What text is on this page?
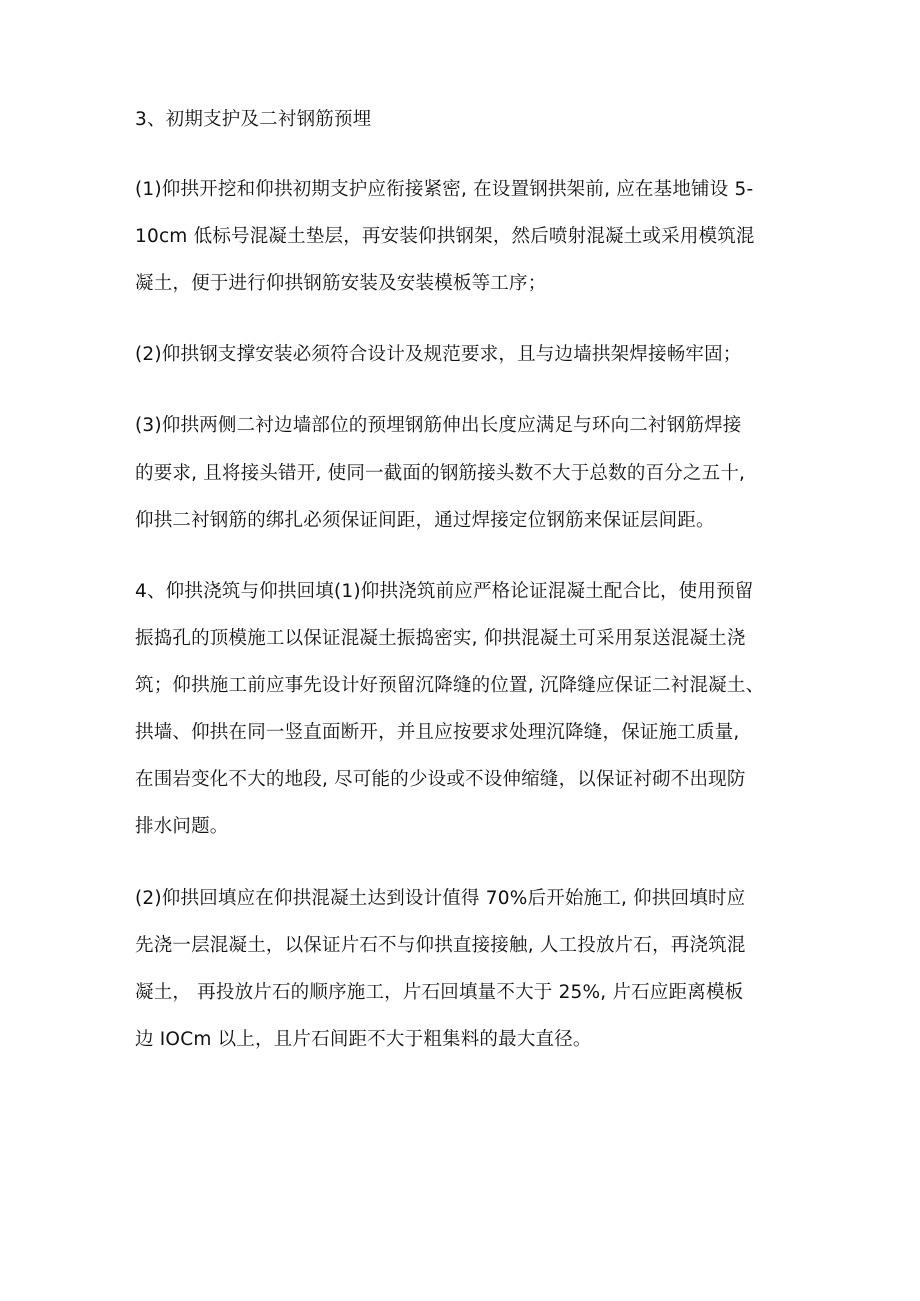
3、初期支护及二衬钢筋预埋
(1)仰拱开挖和仰拱初期支护应衔接紧密, 在设置钢拱架前, 应在基地铺设 5-
10cm 低标号混凝土垫层，再安装仰拱钢架，然后喷射混凝土或采用模筑混
凝土，便于进行仰拱钢筋安装及安装模板等工序；
(2)仰拱钢支撑安装必须符合设计及规范要求，且与边墙拱架焊接畅牢固；
(3)仰拱两侧二衬边墙部位的预埋钢筋伸出长度应满足与环向二衬钢筋焊接
的要求, 且将接头错开, 使同一截面的钢筋接头数不大于总数的百分之五十,
仰拱二衬钢筋的绑扎必须保证间距，通过焊接定位钢筋来保证层间距。
4、仰拱浇筑与仰拱回填(1)仰拱浇筑前应严格论证混凝土配合比，使用预留
振捣孔的顶模施工以保证混凝土振捣密实, 仰拱混凝土可采用泵送混凝土浇
筑；仰拱施工前应事先设计好预留沉降缝的位置, 沉降缝应保证二衬混凝土、
拱墙、仰拱在同一竖直面断开，并且应按要求处理沉降缝，保证施工质量,
在围岩变化不大的地段, 尽可能的少设或不设伸缩缝，以保证衬砌不出现防
排水问题。
(2)仰拱回填应在仰拱混凝土达到设计值得 70%后开始施工, 仰拱回填时应
先浇一层混凝土，以保证片石不与仰拱直接接触, 人工投放片石，再浇筑混
凝土， 再投放片石的顺序施工，片石回填量不大于 25%, 片石应距离模板
边 IOCm 以上，且片石间距不大于粗集料的最大直径。
